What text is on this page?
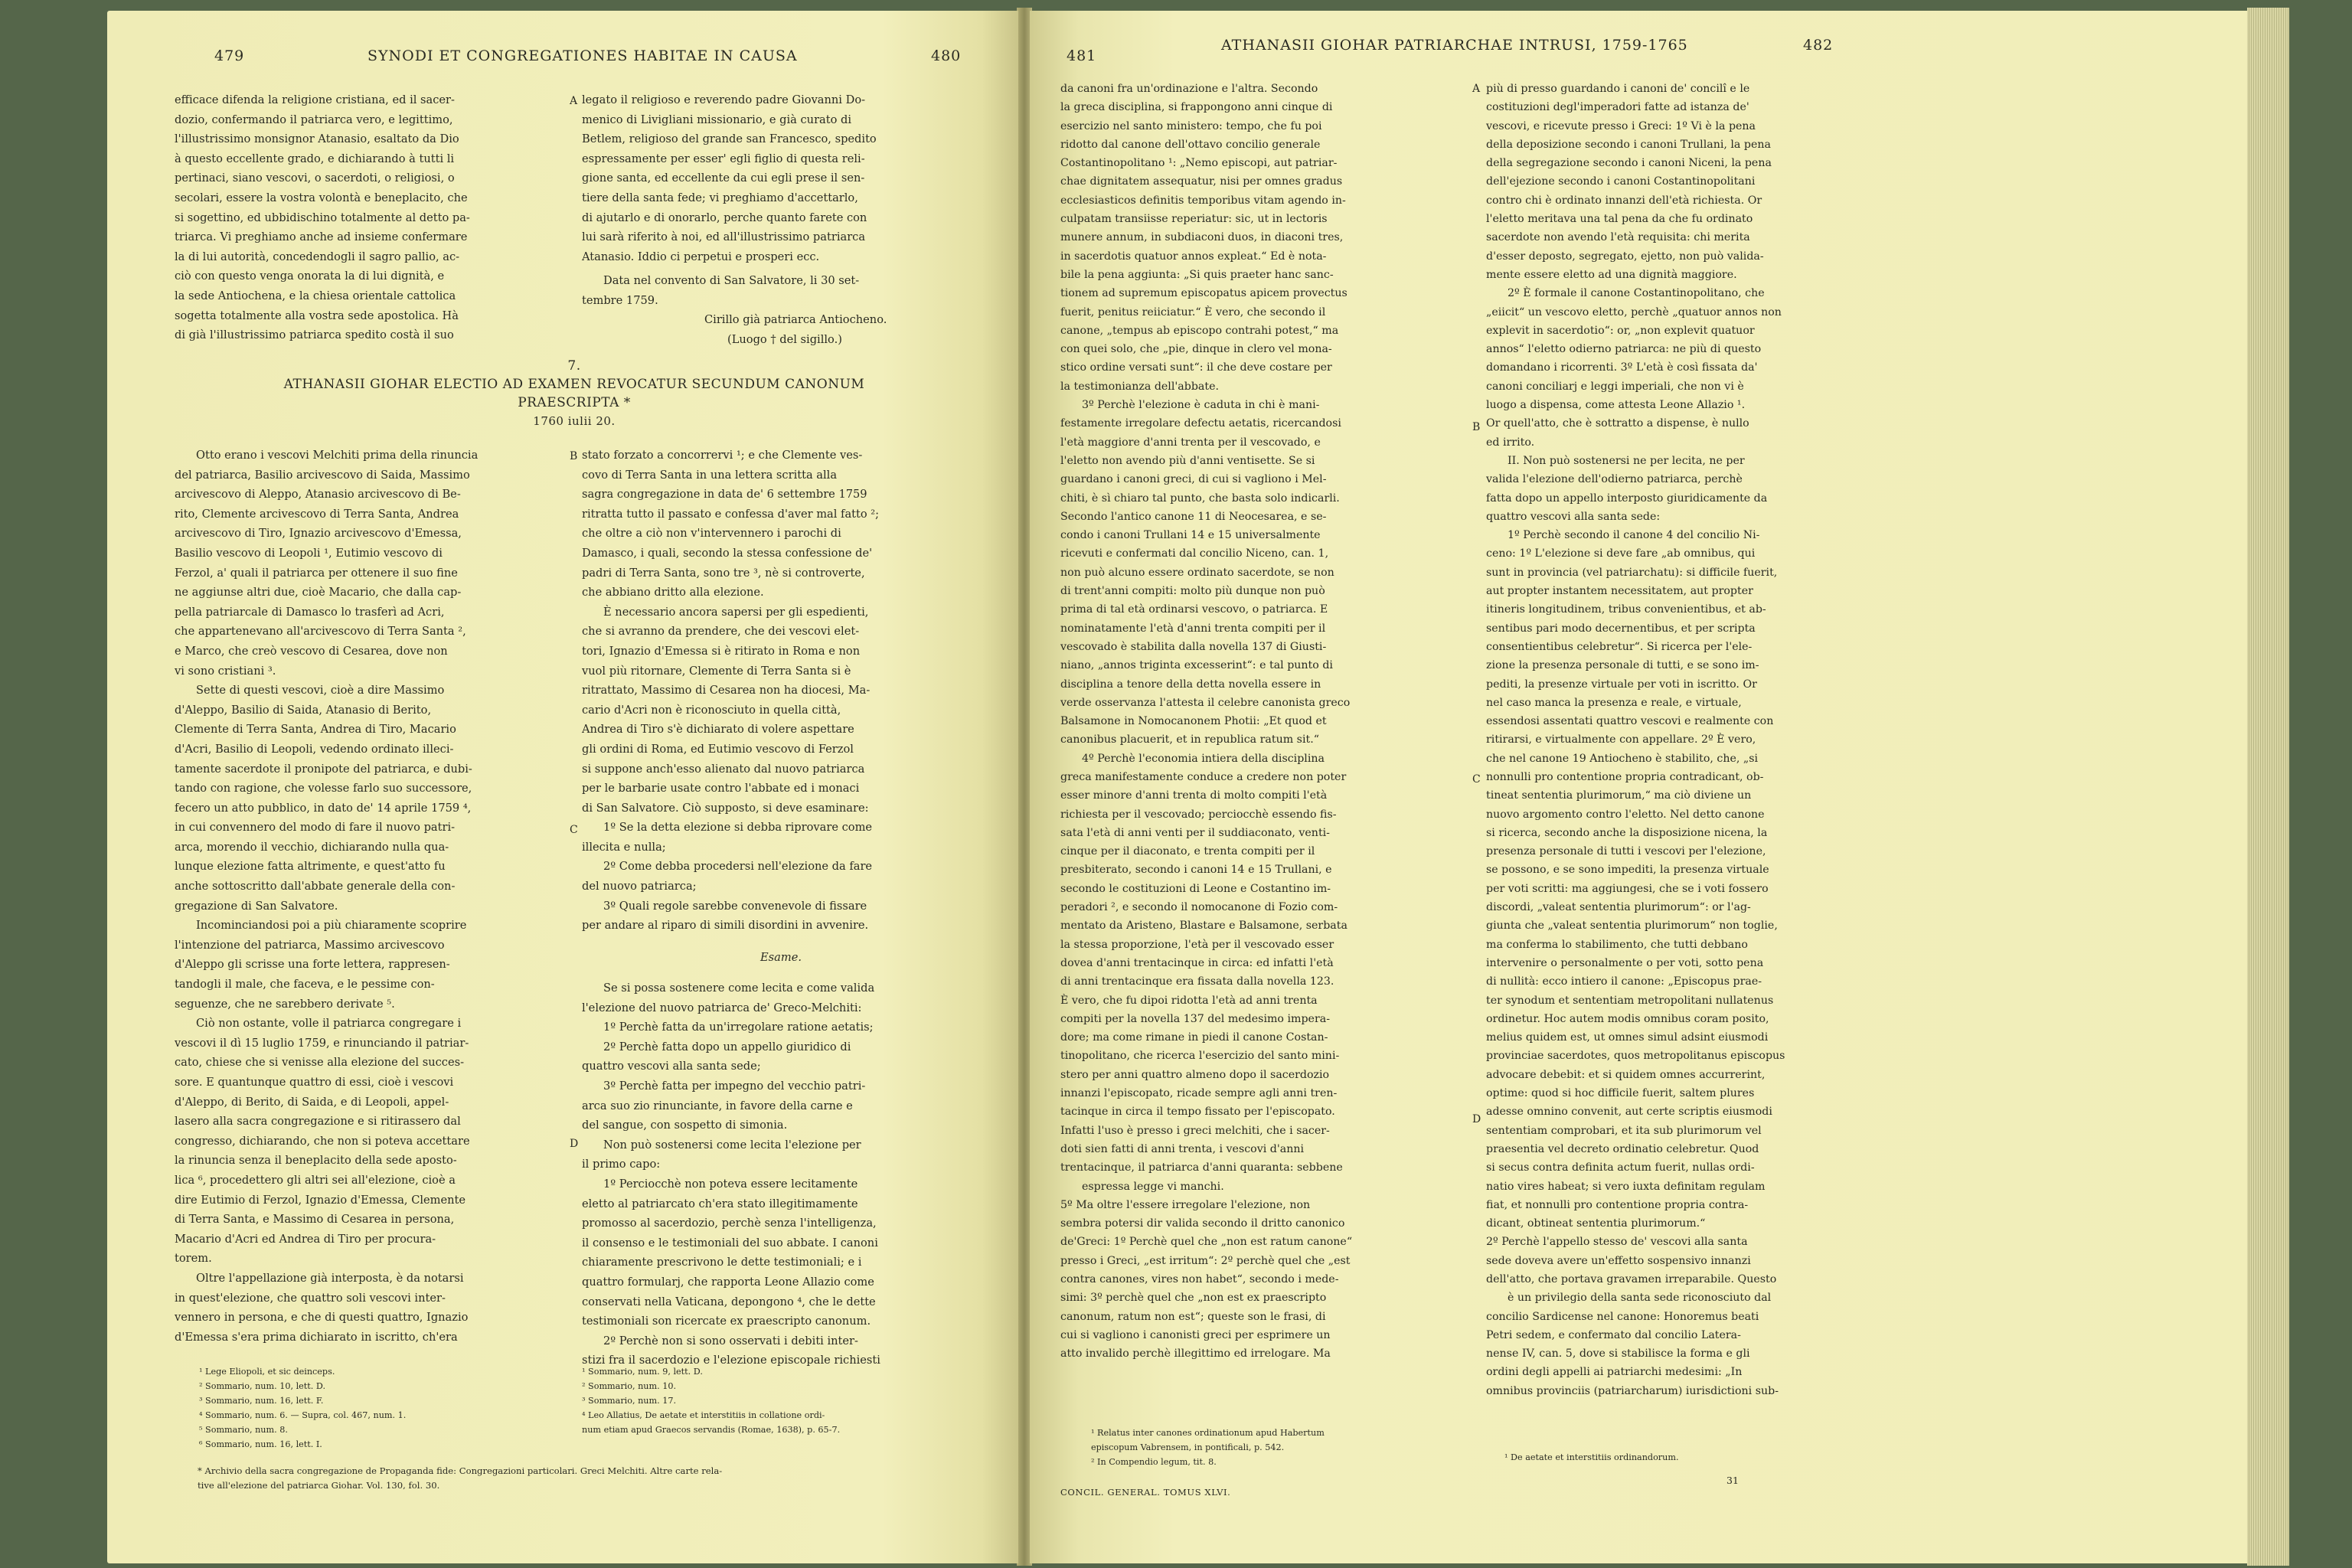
479	SYNODI ET CONGREGATIONES HABITAE IN CAUSA	480

efficace difenda la religione cristiana, ed il sacer-

dozio, confermando il patriarca vero, e legittimo,

l'illustrissimo monsignor Atanasio, esaltato da Dio

à questo eccellente grado, e dichiarando à tutti li

pertinaci, siano vescovi, o sacerdoti, o religiosi, o

secolari, essere la vostra volontà e beneplacito, che

si sogettino, ed ubbidischino totalmente al detto pa-

triarca. Vi preghiamo anche ad insieme confermare

la di lui autorità, concedendogli il sagro pallio, ac-

ciò con questo venga onorata la di lui dignità, e

la sede Antiochena, e la chiesa orientale cattolica

sogetta totalmente alla vostra sede apostolica. Hà

di già l'illustrissimo patriarca spedito costà il suo

A legato il religioso e reverendo padre Giovanni Do-

menico di Livigliani missionario, e già curato di

Betlem, religioso del grande san Francesco, spedito

espressamente per esser' egli figlio di questa reli-

gione santa, ed eccellente da cui egli prese il sen-

tiere della santa fede; vi preghiamo d'accettarlo,

di ajutarlo e di onorarlo, perche quanto farete con

lui sarà riferito à noi, ed all'illustrissimo patriarca

Atanasio. Iddio ci perpetui e prosperi ecc.

Data nel convento di San Salvatore, li 30 set-

tembre 1759.

Cirillo già patriarca Antiocheno.

(Luogo † del sigillo.)

7.
ATHANASII GIOHAR ELECTIO AD EXAMEN REVOCATUR SECUNDUM CANONUM
PRAESCRIPTA *
1760 iulii 20.

Otto erano i vescovi Melchiti prima della rinuncia

del patriarca, Basilio arcivescovo di Saida, Massimo

arcivescovo di Aleppo, Atanasio arcivescovo di Be-

rito, Clemente arcivescovo di Terra Santa, Andrea

arcivescovo di Tiro, Ignazio arcivescovo d'Emessa,

Basilio vescovo di Leopoli ¹, Eutimio vescovo di

Ferzol, a' quali il patriarca per ottenere il suo fine

ne aggiunse altri due, cioè Macario, che dalla cap-

pella patriarcale di Damasco lo trasferì ad Acri,

che appartenevano all'arcivescovo di Terra Santa ²,

e Marco, che creò vescovo di Cesarea, dove non

vi sono cristiani ³.

Sette di questi vescovi, cioè a dire Massimo

d'Aleppo, Basilio di Saida, Atanasio di Berito,

Clemente di Terra Santa, Andrea di Tiro, Macario

d'Acri, Basilio di Leopoli, vedendo ordinato illeci-

tamente sacerdote il pronipote del patriarca, e dubi-

tando con ragione, che volesse farlo suo successore,

fecero un atto pubblico, in dato de' 14 aprile 1759 ⁴,

in cui convennero del modo di fare il nuovo patri-

arca, morendo il vecchio, dichiarando nulla qua-

lunque elezione fatta altrimente, e quest'atto fu

anche sottoscritto dall'abbate generale della con-

gregazione di San Salvatore.

Incominciandosi poi a più chiaramente scoprire

l'intenzione del patriarca, Massimo arcivescovo

d'Aleppo gli scrisse una forte lettera, rappresen-

tandogli il male, che faceva, e le pessime con-

seguenze, che ne sarebbero derivate ⁵.

Ciò non ostante, volle il patriarca congregare i

vescovi il dì 15 luglio 1759, e rinunciando il patriar-

cato, chiese che si venisse alla elezione del succes-

sore. E quantunque quattro di essi, cioè i vescovi

d'Aleppo, di Berito, di Saida, e di Leopoli, appel-

lasero alla sacra congregazione e si ritirassero dal

congresso, dichiarando, che non si poteva accettare

la rinuncia senza il beneplacito della sede aposto-

lica ⁶, procedettero gli altri sei all'elezione, cioè a

dire Eutimio di Ferzol, Ignazio d'Emessa, Clemente

di Terra Santa, e Massimo di Cesarea in persona,

Macario d'Acri ed Andrea di Tiro per procura-

torem.

Oltre l'appellazione già interposta, è da notarsi

in quest'elezione, che quattro soli vescovi inter-

vennero in persona, e che di questi quattro, Ignazio

d'Emessa s'era prima dichiarato in iscritto, ch'era

B
C
D

stato forzato a concorrervi ¹; e che Clemente ves-

covo di Terra Santa in una lettera scritta alla

sagra congregazione in data de' 6 settembre 1759

ritratta tutto il passato e confessa d'aver mal fatto ²;

che oltre a ciò non v'intervennero i parochi di

Damasco, i quali, secondo la stessa confessione de'

padri di Terra Santa, sono tre ³, nè si controverte,

che abbiano dritto alla elezione.

È necessario ancora sapersi per gli espedienti,

che si avranno da prendere, che dei vescovi elet-

tori, Ignazio d'Emessa si è ritirato in Roma e non

vuol più ritornare, Clemente di Terra Santa si è

ritrattato, Massimo di Cesarea non ha diocesi, Ma-

cario d'Acri non è riconosciuto in quella città,

Andrea di Tiro s'è dichiarato di volere aspettare

gli ordini di Roma, ed Eutimio vescovo di Ferzol

si suppone anch'esso alienato dal nuovo patriarca

per le barbarie usate contro l'abbate ed i monaci

di San Salvatore. Ciò supposto, si deve esaminare:

1º Se la detta elezione si debba riprovare come

illecita e nulla;

2º Come debba procedersi nell'elezione da fare

del nuovo patriarca;

3º Quali regole sarebbe convenevole di fissare

per andare al riparo di simili disordini in avvenire.

Esame.

Se si possa sostenere come lecita e come valida

l'elezione del nuovo patriarca de' Greco-Melchiti:

1º Perchè fatta da un'irregolare ratione aetatis;

2º Perchè fatta dopo un appello giuridico di

quattro vescovi alla santa sede;

3º Perchè fatta per impegno del vecchio patri-

arca suo zio rinunciante, in favore della carne e

del sangue, con sospetto di simonia.

Non può sostenersi come lecita l'elezione per

il primo capo:

1º Perciocchè non poteva essere lecitamente

eletto al patriarcato ch'era stato illegitimamente

promosso al sacerdozio, perchè senza l'intelligenza,

il consenso e le testimoniali del suo abbate. I canoni

chiaramente prescrivono le dette testimoniali; e i

quattro formularj, che rapporta Leone Allazio come

conservati nella Vaticana, depongono ⁴, che le dette

testimoniali son ricercate ex praescripto canonum.

2º Perchè non si sono osservati i debiti inter-

stizi fra il sacerdozio e l'elezione episcopale richiesti

¹ Lege Eliopoli, et sic deinceps.
² Sommario, num. 10, lett. D.
³ Sommario, num. 16, lett. F.
⁴ Sommario, num. 6. — Supra, col. 467, num. 1.
⁵ Sommario, num. 8.
⁶ Sommario, num. 16, lett. I.
¹ Sommario, num. 9, lett. D.
² Sommario, num. 10.
³ Sommario, num. 17.
⁴ Leo Allatius, De aetate et interstitiis in collatione ordi-
num etiam apud Graecos servandis (Romae, 1638), p. 65-7.
* Archivio della sacra congregazione de Propaganda fide: Congregazioni particolari. Greci Melchiti. Altre carte rela-
tive all'elezione del patriarca Giohar. Vol. 130, fol. 30.
481
ATHANASII GIOHAR PATRIARCHAE INTRUSI, 1759-1765	482

da canoni fra un'ordinazione e l'altra. Secondo

la greca disciplina, si frappongono anni cinque di

esercizio nel santo ministero: tempo, che fu poi

ridotto dal canone dell'ottavo concilio generale

Costantinopolitano ¹: „Nemo episcopi, aut patriar-

chae dignitatem assequatur, nisi per omnes gradus

ecclesiasticos definitis temporibus vitam agendo in-

culpatam transiisse reperiatur: sic, ut in lectoris

munere annum, in subdiaconi duos, in diaconi tres,

in sacerdotis quatuor annos expleat.“ Ed è nota-

bile la pena aggiunta: „Si quis praeter hanc sanc-

tionem ad supremum episcopatus apicem provectus

fuerit, penitus reiiciatur.“ È vero, che secondo il

canone, „tempus ab episcopo contrahi potest,“ ma

con quei solo, che „pie, dinque in clero vel mona-

stico ordine versati sunt“: il che deve costare per

la testimonianza dell'abbate.

3º Perchè l'elezione è caduta in chi è mani-

festamente irregolare defectu aetatis, ricercandosi

l'età maggiore d'anni trenta per il vescovado, e

l'eletto non avendo più d'anni ventisette. Se si

guardano i canoni greci, di cui si vagliono i Mel-

chiti, è sì chiaro tal punto, che basta solo indicarli.

Secondo l'antico canone 11 di Neocesarea, e se-

condo i canoni Trullani 14 e 15 universalmente

ricevuti e confermati dal concilio Niceno, can. 1,

non può alcuno essere ordinato sacerdote, se non

di trent'anni compiti: molto più dunque non può

prima di tal età ordinarsi vescovo, o patriarca. E

nominatamente l'età d'anni trenta compiti per il

vescovado è stabilita dalla novella 137 di Giusti-

niano, „annos triginta excesserint“: e tal punto di

disciplina a tenore della detta novella essere in

verde osservanza l'attesta il celebre canonista greco

Balsamone in Nomocanonem Photii: „Et quod et

canonibus placuerit, et in republica ratum sit.“

4º Perchè l'economia intiera della disciplina

greca manifestamente conduce a credere non poter

esser minore d'anni trenta di molto compiti l'età

richiesta per il vescovado; perciocchè essendo fis-

sata l'età di anni venti per il suddiaconato, venti-

cinque per il diaconato, e trenta compiti per il

presbiterato, secondo i canoni 14 e 15 Trullani, e

secondo le costituzioni di Leone e Costantino im-

peradori ², e secondo il nomocanone di Fozio com-

mentato da Aristeno, Blastare e Balsamone, serbata

la stessa proporzione, l'età per il vescovado esser

dovea d'anni trentacinque in circa: ed infatti l'età

di anni trentacinque era fissata dalla novella 123.

È vero, che fu dipoi ridotta l'età ad anni trenta

compiti per la novella 137 del medesimo impera-

dore; ma come rimane in piedi il canone Costan-

tinopolitano, che ricerca l'esercizio del santo mini-

stero per anni quattro almeno dopo il sacerdozio

innanzi l'episcopato, ricade sempre agli anni tren-

tacinque in circa il tempo fissato per l'episcopato.

Infatti l'uso è presso i greci melchiti, che i sacer-

doti sien fatti di anni trenta, i vescovi d'anni

trentacinque, il patriarca d'anni quaranta: sebbene

espressa legge vi manchi.

5º Ma oltre l'essere irregolare l'elezione, non

sembra potersi dir valida secondo il dritto canonico

de'Greci: 1º Perchè quel che „non est ratum canone“

presso i Greci, „est irritum“: 2º perchè quel che „est

contra canones, vires non habet“, secondo i mede-

simi: 3º perchè quel che „non est ex praescripto

canonum, ratum non est“; queste son le frasi, di

cui si vagliono i canonisti greci per esprimere un

atto invalido perchè illegittimo ed irrelogare. Ma

A
B
C
D

più di presso guardando i canoni de' concilî e le

costituzioni degl'imperadori fatte ad istanza de'

vescovi, e ricevute presso i Greci: 1º Vi è la pena

della deposizione secondo i canoni Trullani, la pena

della segregazione secondo i canoni Niceni, la pena

dell'ejezione secondo i canoni Costantinopolitani

contro chi è ordinato innanzi dell'età richiesta. Or

l'eletto meritava una tal pena da che fu ordinato

sacerdote non avendo l'età requisita: chi merita

d'esser deposto, segregato, ejetto, non può valida-

mente essere eletto ad una dignità maggiore.

2º È formale il canone Costantinopolitano, che

„eiicit“ un vescovo eletto, perchè „quatuor annos non

explevit in sacerdotio“: or, „non explevit quatuor

annos“ l'eletto odierno patriarca: ne più di questo

domandano i ricorrenti. 3º L'età è così fissata da'

canoni conciliarj e leggi imperiali, che non vi è

luogo a dispensa, come attesta Leone Allazio ¹.

Or quell'atto, che è sottratto a dispense, è nullo

ed irrito.

II. Non può sostenersi ne per lecita, ne per

valida l'elezione dell'odierno patriarca, perchè

fatta dopo un appello interposto giuridicamente da

quattro vescovi alla santa sede:

1º Perchè secondo il canone 4 del concilio Ni-

ceno: 1º L'elezione si deve fare „ab omnibus, qui

sunt in provincia (vel patriarchatu): si difficile fuerit,

aut propter instantem necessitatem, aut propter

itineris longitudinem, tribus convenientibus, et ab-

sentibus pari modo decernentibus, et per scripta

consentientibus celebretur“. Si ricerca per l'ele-

zione la presenza personale di tutti, e se sono im-

pediti, la presenze virtuale per voti in iscritto. Or

nel caso manca la presenza e reale, e virtuale,

essendosi assentati quattro vescovi e realmente con

ritirarsi, e virtualmente con appellare. 2º È vero,

che nel canone 19 Antiocheno è stabilito, che, „si

nonnulli pro contentione propria contradicant, ob-

tineat sententia plurimorum,“ ma ciò diviene un

nuovo argomento contro l'eletto. Nel detto canone

si ricerca, secondo anche la disposizione nicena, la

presenza personale di tutti i vescovi per l'elezione,

se possono, e se sono impediti, la presenza virtuale

per voti scritti: ma aggiungesi, che se i voti fossero

discordi, „valeat sententia plurimorum“: or l'ag-

giunta che „valeat sententia plurimorum“ non toglie,

ma conferma lo stabilimento, che tutti debbano

intervenire o personalmente o per voti, sotto pena

di nullità: ecco intiero il canone: „Episcopus prae-

ter synodum et sententiam metropolitani nullatenus

ordinetur. Hoc autem modis omnibus coram posito,

melius quidem est, ut omnes simul adsint eiusmodi

provinciae sacerdotes, quos metropolitanus episcopus

advocare debebit: et si quidem omnes accurrerint,

optime: quod si hoc difficile fuerit, saltem plures

adesse omnino convenit, aut certe scriptis eiusmodi

sententiam comprobari, et ita sub plurimorum vel

praesentia vel decreto ordinatio celebretur. Quod

si secus contra definita actum fuerit, nullas ordi-

natio vires habeat; si vero iuxta definitam regulam

fiat, et nonnulli pro contentione propria contra-

dicant, obtineat sententia plurimorum.“

2º Perchè l'appello stesso de' vescovi alla santa

sede doveva avere un'effetto sospensivo innanzi

dell'atto, che portava gravamen irreparabile. Questo

è un privilegio della santa sede riconosciuto dal

concilio Sardicense nel canone: Honoremus beati

Petri sedem, e confermato dal concilio Latera-

nense IV, can. 5, dove si stabilisce la forma e gli

ordini degli appelli ai patriarchi medesimi: „In

omnibus provinciis (patriarcharum) iurisdictioni sub-

¹ Relatus inter canones ordinationum apud Habertum
episcopum Vabrensem, in pontificali, p. 542.
² In Compendio legum, tit. 8.	¹ De aetate et interstitiis ordinandorum.
CONCIL. GENERAL. TOMUS XLVI.
31
